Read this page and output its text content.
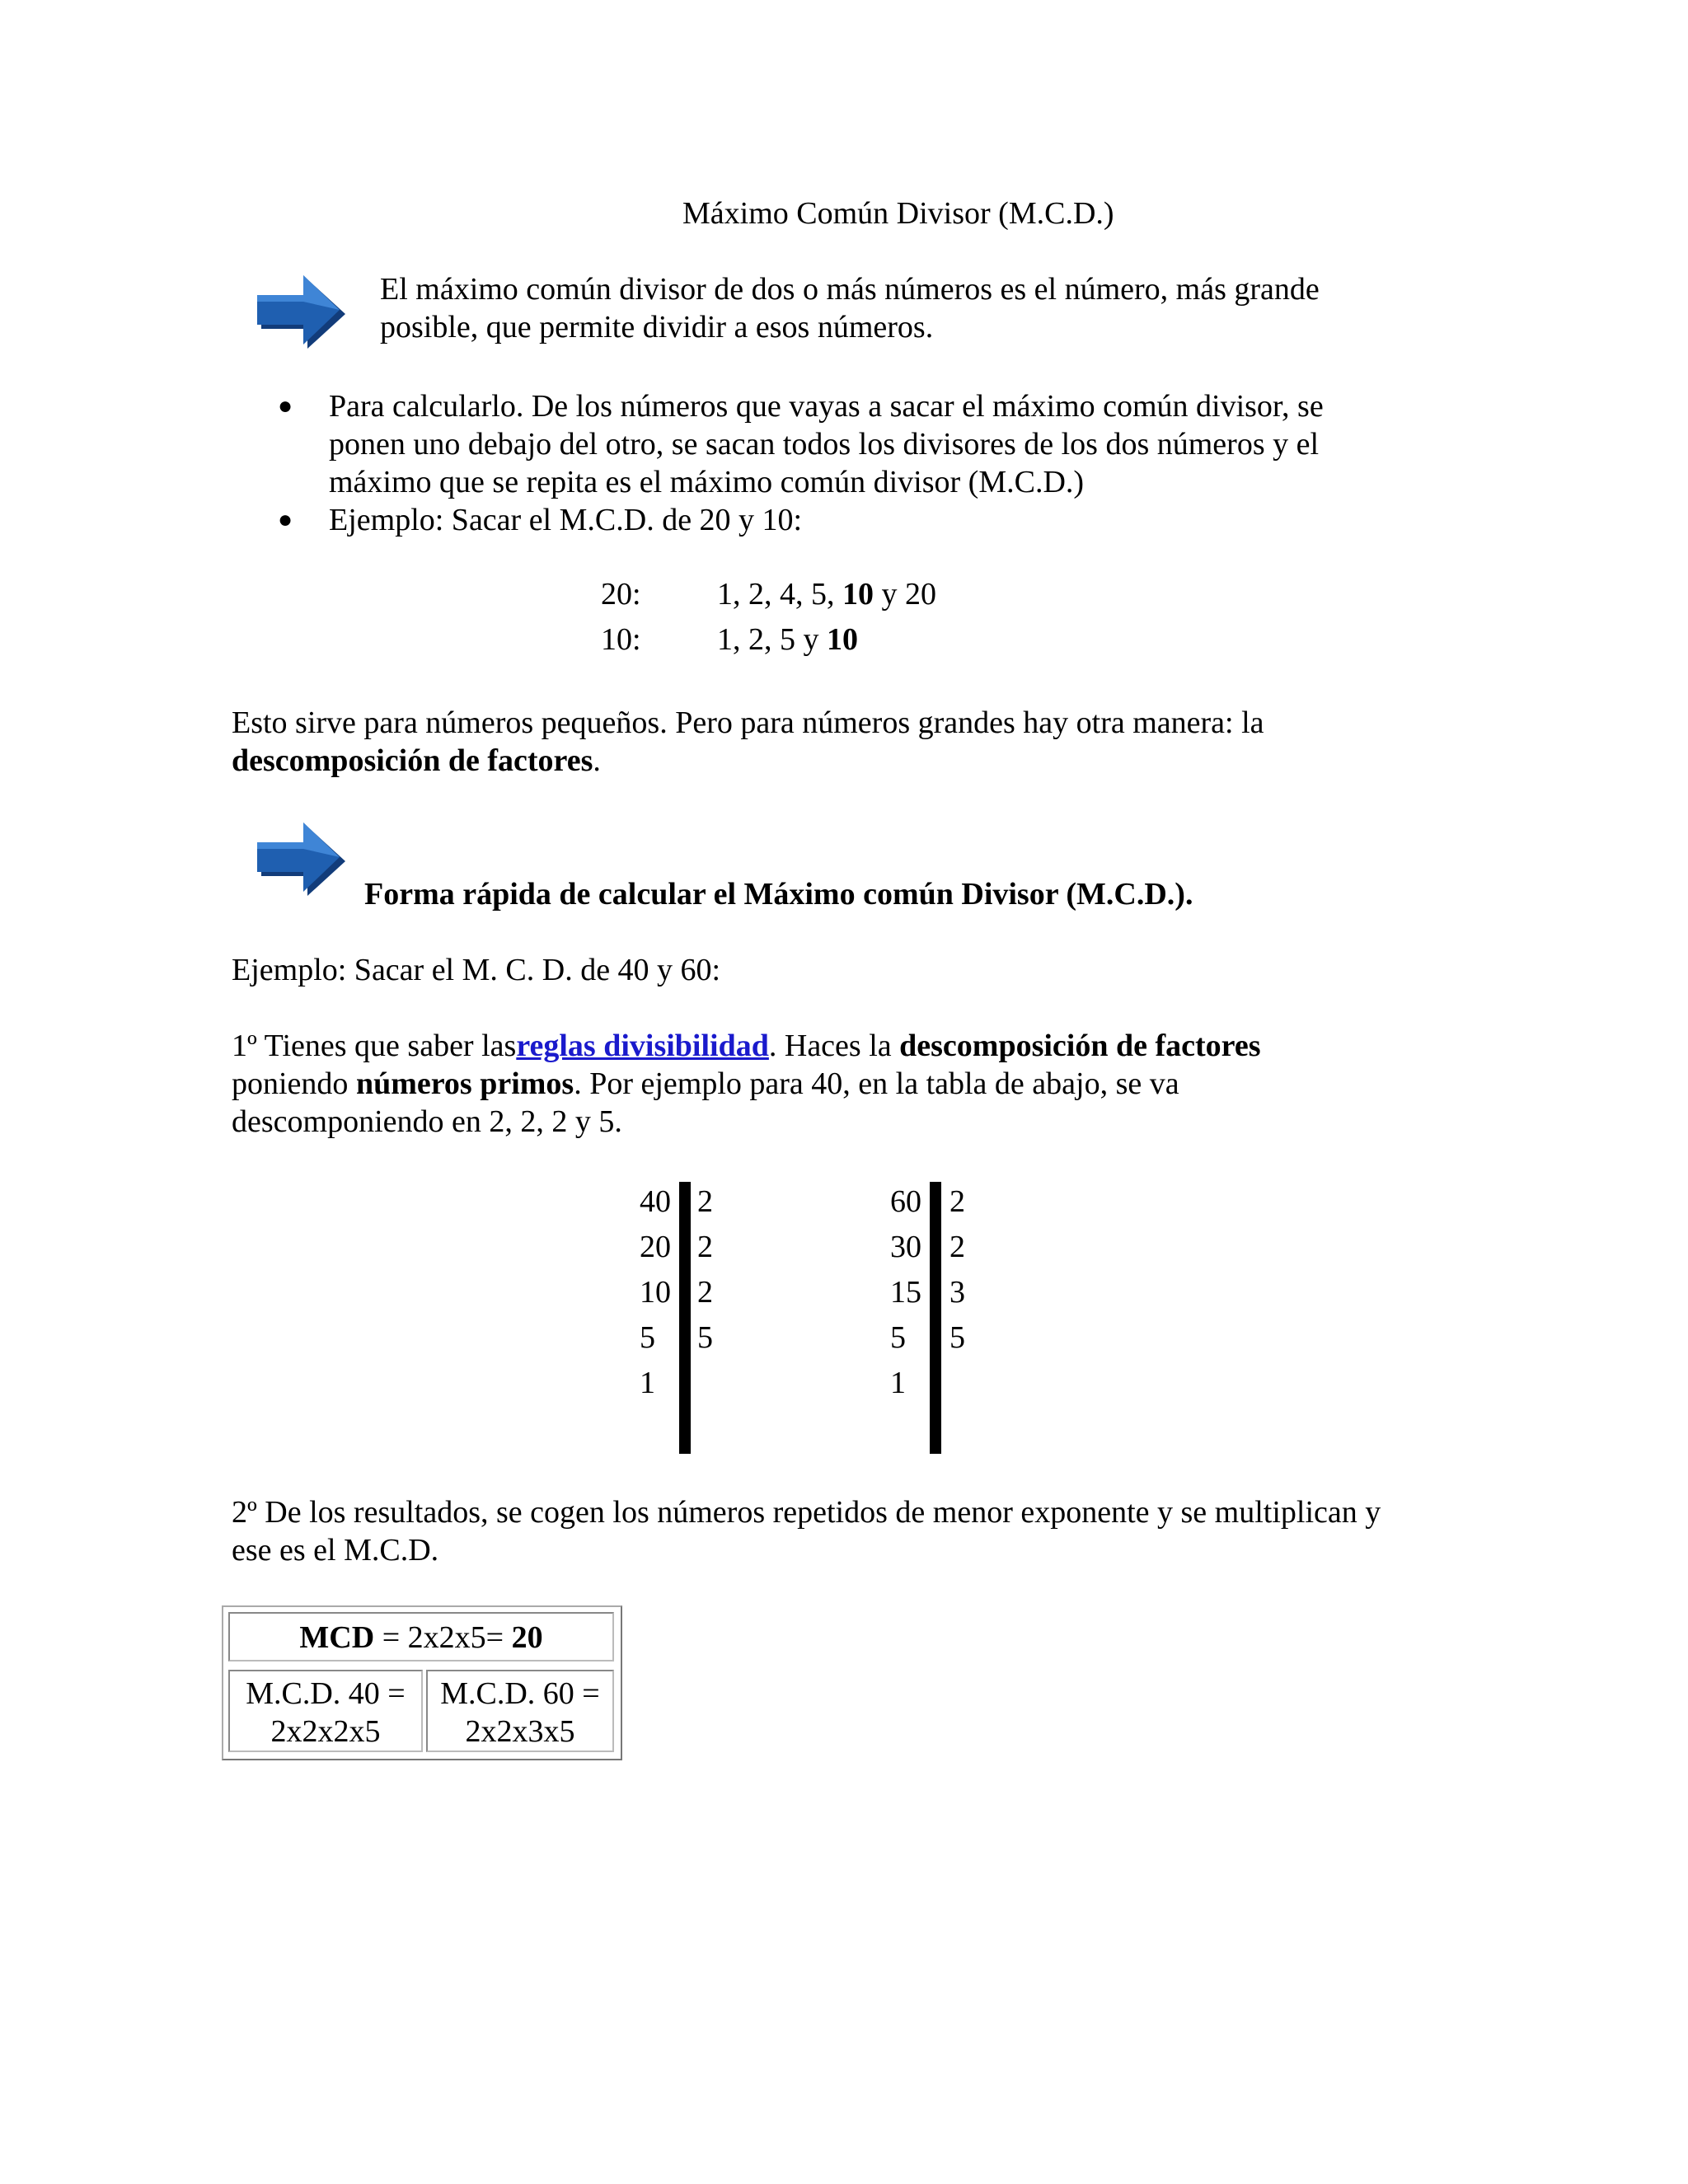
Máximo Común Divisor (M.C.D.)
El máximo común divisor de dos o más números es el número, más grande
posible, que permite dividir a esos números.
● Para calcularlo. De los números que vayas a sacar el máximo común divisor, se
ponen uno debajo del otro, se sacan todos los divisores de los dos números y el
máximo que se repita es el máximo común divisor (M.C.D.)
● Ejemplo: Sacar el M.C.D. de 20 y 10:
20: 1, 2, 4, 5, 10 y 20
10: 1, 2, 5 y 10
Esto sirve para números pequeños. Pero para números grandes hay otra manera: la
descomposición de factores.
Forma rápida de calcular el Máximo común Divisor (M.C.D.).
Ejemplo: Sacar el M. C. D. de 40 y 60:
1º Tienes que saber lasreglas divisibilidad. Haces la descomposición de factores
poniendo números primos. Por ejemplo para 40, en la tabla de abajo, se va
descomponiendo en 2, 2, 2 y 5.
40
20
10
5
1
2
2
2
5
60
30
15
5
1
2
2
3
5
2º De los resultados, se cogen los números repetidos de menor exponente y se multiplican y
ese es el M.C.D.
MCD = 2x2x5= 20
M.C.D. 40 =
2x2x2x5
M.C.D. 60 =
2x2x3x5
